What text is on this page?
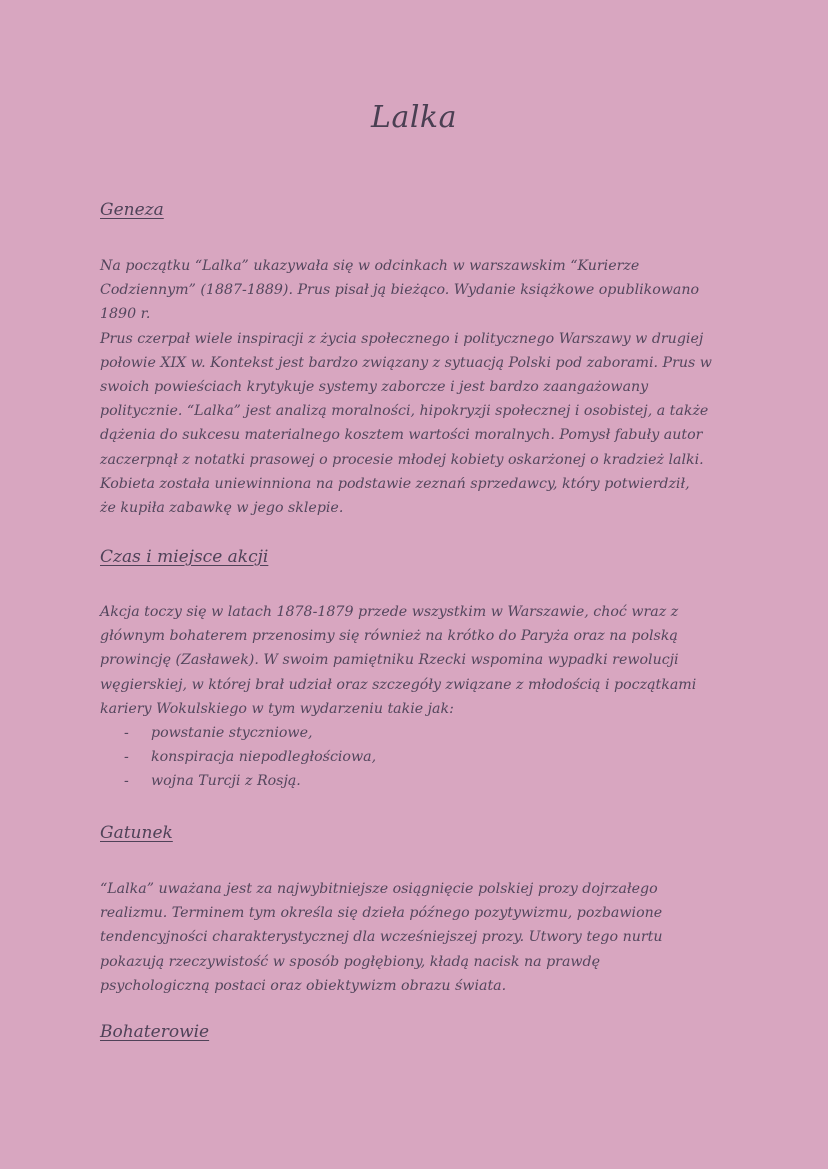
Lalka
Geneza

Na początku “Lalka” ukazywała się w odcinkach w warszawskim “Kurierze
Codziennym” (1887-1889). Prus pisał ją bieżąco. Wydanie książkowe opublikowano
1890 r.
Prus czerpał wiele inspiracji z życia społecznego i politycznego Warszawy w drugiej
połowie XIX w. Kontekst jest bardzo związany z sytuacją Polski pod zaborami. Prus w
swoich powieściach krytykuje systemy zaborcze i jest bardzo zaangażowany
politycznie. “Lalka” jest analizą moralności, hipokryzji społecznej i osobistej, a także
dążenia do sukcesu materialnego kosztem wartości moralnych. Pomysł fabuły autor
zaczerpnął z notatki prasowej o procesie młodej kobiety oskarżonej o kradzież lalki.
Kobieta została uniewinniona na podstawie zeznań sprzedawcy, który potwierdził,
że kupiła zabawkę w jego sklepie.

Czas i miejsce akcji

Akcja toczy się w latach 1878-1879 przede wszystkim w Warszawie, choć wraz z
głównym bohaterem przenosimy się również na krótko do Paryża oraz na polską
prowincję (Zasławek). W swoim pamiętniku Rzecki wspomina wypadki rewolucji
węgierskiej, w której brał udział oraz szczegóły związane z młodością i początkami
kariery Wokulskiego w tym wydarzeniu takie jak:

- powstanie styczniowe,
- konspiracja niepodległościowa,
- wojna Turcji z Rosją.
Gatunek

“Lalka” uważana jest za najwybitniejsze osiągnięcie polskiej prozy dojrzałego
realizmu. Terminem tym określa się dzieła późnego pozytywizmu, pozbawione
tendencyjności charakterystycznej dla wcześniejszej prozy. Utwory tego nurtu
pokazują rzeczywistość w sposób pogłębiony, kładą nacisk na prawdę
psychologiczną postaci oraz obiektywizm obrazu świata.

Bohaterowie
